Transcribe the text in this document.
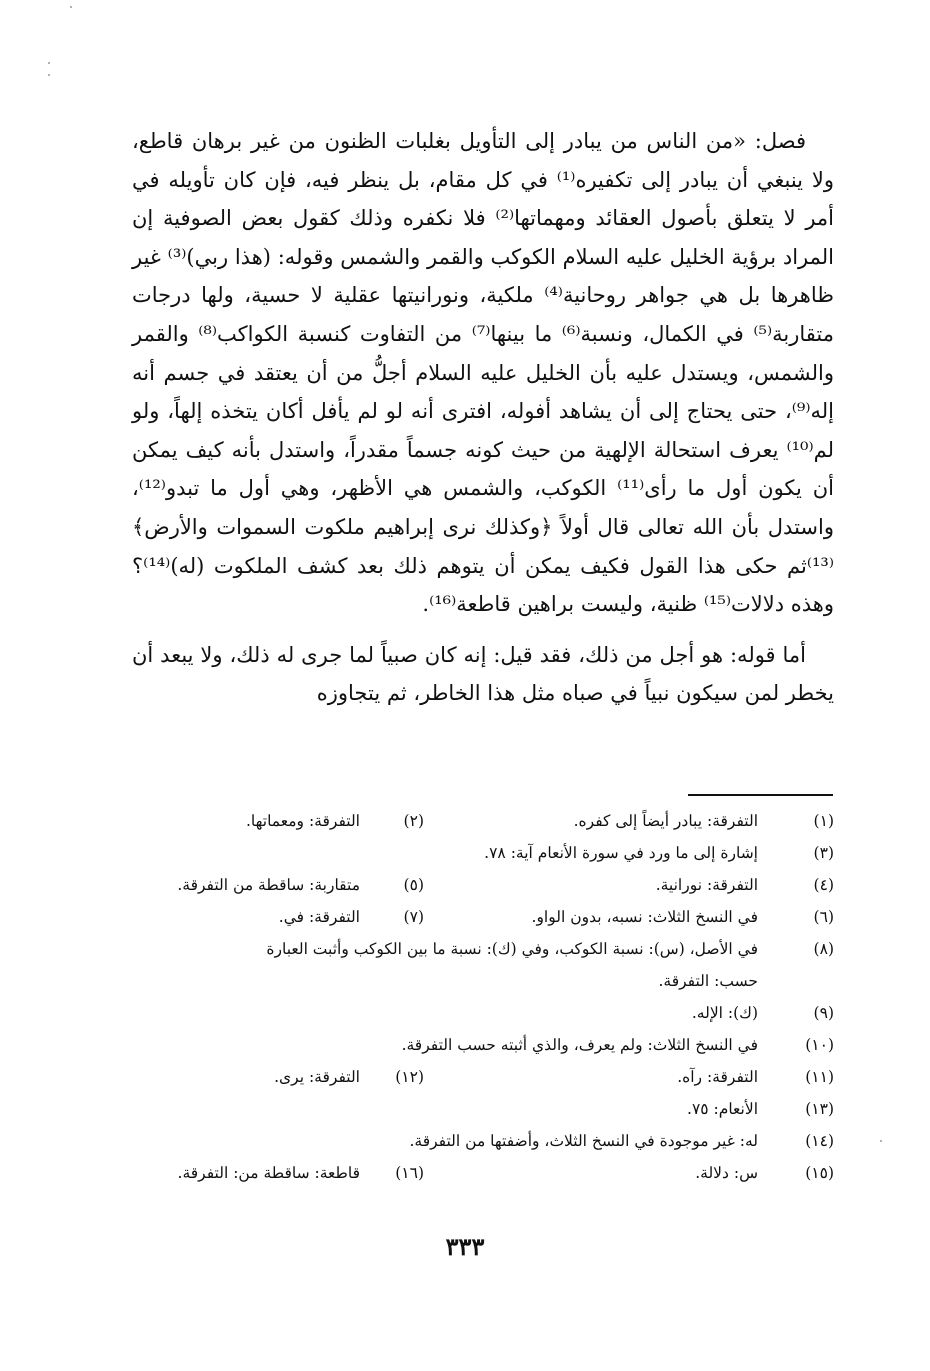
فصل: «من الناس من يبادر إلى التأويل بغلبات الظنون من غير برهان قاطع، ولا ينبغي أن يبادر إلى تكفيره⁽¹⁾ في كل مقام، بل ينظر فيه، فإن كان تأويله في أمر لا يتعلق بأصول العقائد ومهماتها⁽²⁾ فلا نكفره وذلك كقول بعض الصوفية إن المراد برؤية الخليل عليه السلام الكوكب والقمر والشمس وقوله: (هذا ربي)⁽³⁾ غير ظاهرها بل هي جواهر روحانية⁽⁴⁾ ملكية، ونورانيتها عقلية لا حسية، ولها درجات متقاربة⁽⁵⁾ في الكمال، ونسبة⁽⁶⁾ ما بينها⁽⁷⁾ من التفاوت كنسبة الكواكب⁽⁸⁾ والقمر والشمس، ويستدل عليه بأن الخليل عليه السلام أجلُّ من أن يعتقد في جسم أنه إله⁽⁹⁾، حتى يحتاج إلى أن يشاهد أفوله، افترى أنه لو لم يأفل أكان يتخذه إلهاً، ولو لم⁽¹⁰⁾ يعرف استحالة الإلهية من حيث كونه جسماً مقدراً، واستدل بأنه كيف يمكن أن يكون أول ما رأى⁽¹¹⁾ الكوكب، والشمس هي الأظهر، وهي أول ما تبدو⁽¹²⁾، واستدل بأن الله تعالى قال أولاً ﴿وكذلك نرى إبراهيم ملكوت السموات والأرض﴾⁽¹³⁾ثم حكى هذا القول فكيف يمكن أن يتوهم ذلك بعد كشف الملكوت (له)⁽¹⁴⁾؟ وهذه دلالات⁽¹⁵⁾ ظنية، وليست براهين قاطعة⁽¹⁶⁾.

أما قوله: هو أجل من ذلك، فقد قيل: إنه كان صبياً لما جرى له ذلك، ولا يبعد أن يخطر لمن سيكون نبياً في صباه مثل هذا الخاطر، ثم يتجاوزه

(١)
التفرقة: يبادر أيضاً إلى كفره.
(٢)
التفرقة: ومعماتها.
(٣)
إشارة إلى ما ورد في سورة الأنعام آية: ٧٨.
(٤)
التفرقة: نورانية.
(٥)
متقاربة: ساقطة من التفرقة.
(٦)
في النسخ الثلاث: نسبه، بدون الواو.
(٧)
التفرقة: في.
(٨)
في الأصل، (س): نسبة الكوكب، وفي (ك): نسبة ما بين الكوكب وأثبت العبارة
حسب: التفرقة.
(٩)
(ك): الإله.
(١٠)
في النسخ الثلاث: ولم يعرف، والذي أثبته حسب التفرقة.
(١١)
التفرقة: رآه.
(١٢)
التفرقة: يرى.
(١٣)
الأنعام: ٧٥.
(١٤)
له: غير موجودة في النسخ الثلاث، وأضفتها من التفرقة.
(١٥)
س: دلالة.
(١٦)
قاطعة: ساقطة من: التفرقة.
٣٣٣
